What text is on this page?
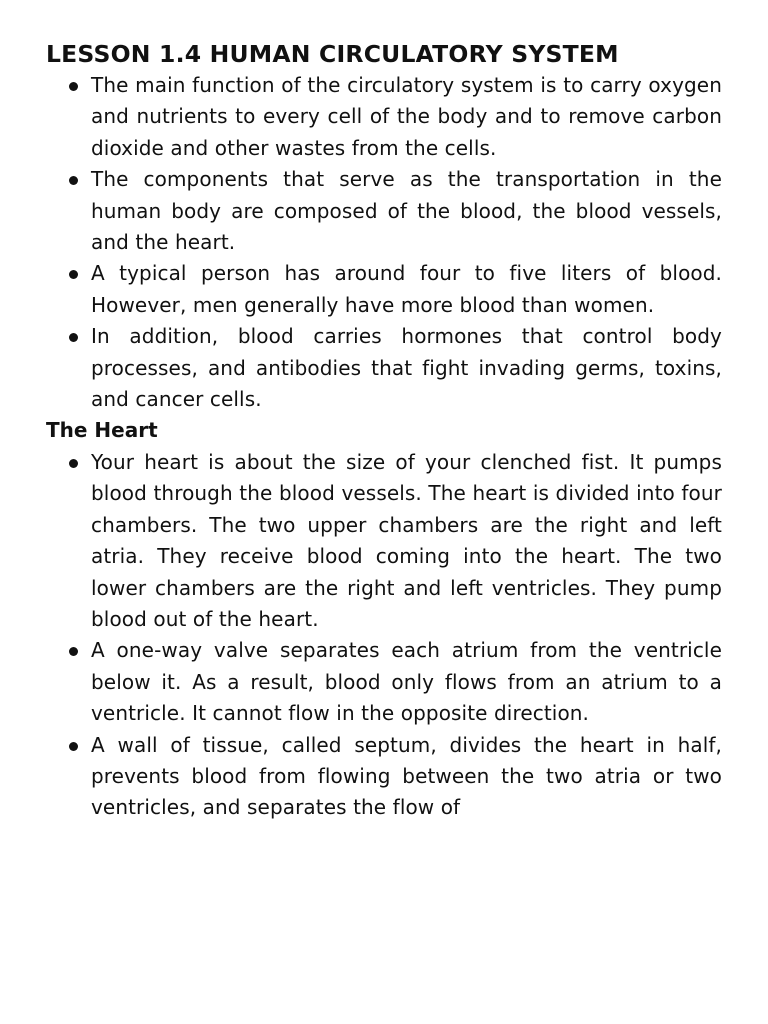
LESSON 1.4 HUMAN CIRCULATORY SYSTEM
The main function of the circulatory system is to carry oxygen and nutrients to every cell of the body and to remove carbon dioxide and other wastes from the cells.
The components that serve as the transportation in the human body are composed of the blood, the blood vessels, and the heart.
A typical person has around four to five liters of blood. However, men generally have more blood than women.
In addition, blood carries hormones that control body processes, and antibodies that fight invading germs, toxins, and cancer cells.
The Heart
Your heart is about the size of your clenched fist. It pumps blood through the blood vessels. The heart is divided into four chambers. The two upper chambers are the right and left atria. They receive blood coming into the heart. The two lower chambers are the right and left ventricles. They pump blood out of the heart.
A one-way valve separates each atrium from the ventricle below it. As a result, blood only flows from an atrium to a ventricle. It cannot flow in the opposite direction.
A wall of tissue, called septum, divides the heart in half, prevents blood from flowing between the two atria or two ventricles, and separates the flow of
